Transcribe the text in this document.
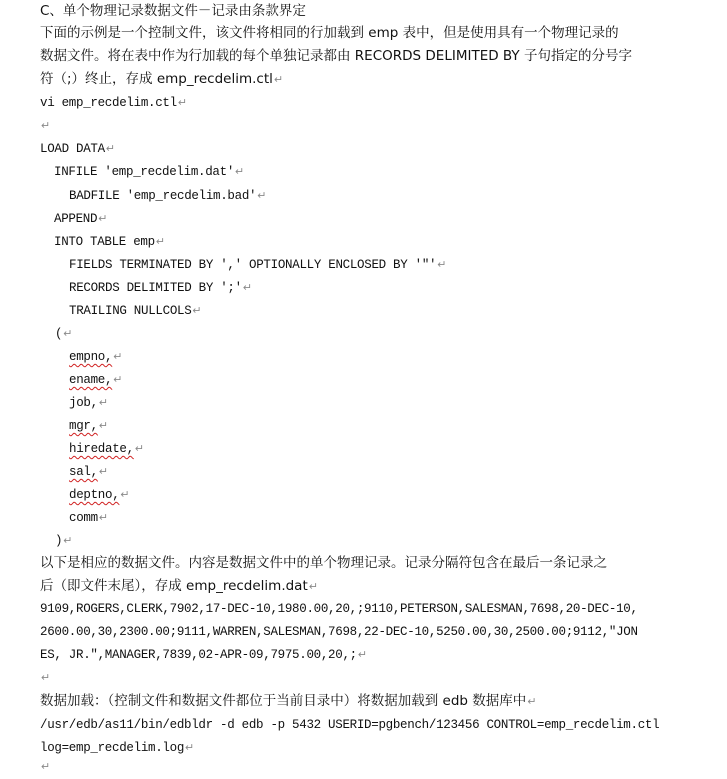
C、单个物理记录数据文件－记录由条款界定
下面的示例是一个控制文件，该文件将相同的行加载到 emp 表中，但是使用具有一个物理记录的
数据文件。将在表中作为行加载的每个单独记录都由 RECORDS DELIMITED BY 子句指定的分号字
符（;）终止，存成 emp_recdelim.ctl↵
vi emp_recdelim.ctl↵
↵
LOAD DATA↵
INFILE 'emp_recdelim.dat'↵
BADFILE 'emp_recdelim.bad'↵
APPEND↵
INTO TABLE emp↵
FIELDS TERMINATED BY ',' OPTIONALLY ENCLOSED BY '"'↵
RECORDS DELIMITED BY ';'↵
TRAILING NULLCOLS↵
(↵
empno,↵
ename,↵
job,↵
mgr,↵
hiredate,↵
sal,↵
deptno,↵
comm↵
)↵
以下是相应的数据文件。内容是数据文件中的单个物理记录。记录分隔符包含在最后一条记录之
后（即文件末尾），存成 emp_recdelim.dat↵
9109,ROGERS,CLERK,7902,17-DEC-10,1980.00,20,;9110,PETERSON,SALESMAN,7698,20-DEC-10,
2600.00,30,2300.00;9111,WARREN,SALESMAN,7698,22-DEC-10,5250.00,30,2500.00;9112,"JON
ES, JR.",MANAGER,7839,02-APR-09,7975.00,20,;↵
↵
数据加载：（控制文件和数据文件都位于当前目录中）将数据加载到 edb 数据库中↵
/usr/edb/as11/bin/edbldr -d edb -p 5432 USERID=pgbench/123456 CONTROL=emp_recdelim.ctl
log=emp_recdelim.log↵
↵
